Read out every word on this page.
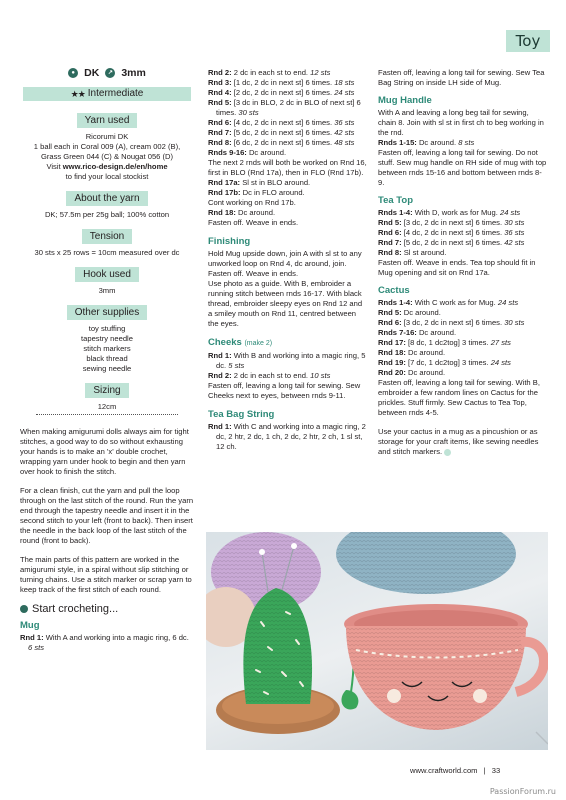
Toy
● DK	↗ 3mm
★★ Intermediate
Yarn used
Ricorumi DK
1 ball each in Coral 009 (A), cream 002 (B),
Grass Green 044 (C) & Nougat 056 (D)
Visit www.rico-design.de/en/home
to find your local stockist
About the yarn
DK; 57.5m per 25g ball; 100% cotton
Tension
30 sts x 25 rows = 10cm measured over dc
Hook used
3mm
Other supplies
toy stuffing
tapestry needle
stitch markers
black thread
sewing needle
Sizing
12cm

When making amigurumi dolls always aim for tight stitches, a good way to do so without exhausting your hands is to make an 'x' double crochet, wrapping yarn under hook to begin and then yarn over hook to finish the stitch.

For a clean finish, cut the yarn and pull the loop through on the last stitch of the round. Run the yarn end through the tapestry needle and insert it in the second stitch to your left (front to back). Then insert the needle in the back loop of the last stitch of the round (front to back).

The main parts of this pattern are worked in the amigurumi style, in a spiral without slip stitching or turning chains. Use a stitch marker or scrap yarn to keep track of the first stitch of each round.

Start crocheting...
Mug
Rnd 1: With A and working into a magic ring, 6 dc. 6 sts
Rnd 2: 2 dc in each st to end. 12 sts
Rnd 3: [1 dc, 2 dc in next st] 6 times. 18 sts
Rnd 4: [2 dc, 2 dc in next st] 6 times. 24 sts
Rnd 5: [3 dc in BLO, 2 dc in BLO of next st] 6 times. 30 sts
Rnd 6: [4 dc, 2 dc in next st] 6 times. 36 sts
Rnd 7: [5 dc, 2 dc in next st] 6 times. 42 sts
Rnd 8: [6 dc, 2 dc in next st] 6 times. 48 sts
Rnds 9-16: Dc around.
The next 2 rnds will both be worked on Rnd 16, first in BLO (Rnd 17a), then in FLO (Rnd 17b).
Rnd 17a: Sl st in BLO around.
Rnd 17b: Dc in FLO around.
Cont working on Rnd 17b.
Rnd 18: Dc around.
Fasten off. Weave in ends.
Finishing
Hold Mug upside down, join A with sl st to any unworked loop on Rnd 4, dc around, join. Fasten off. Weave in ends.
Use photo as a guide. With B, embroider a running stitch between rnds 16-17. With black thread, embroider sleepy eyes on Rnd 12 and a smiley mouth on Rnd 11, centred between the eyes.
Cheeks (make 2)
Rnd 1: With B and working into a magic ring, 5 dc. 5 sts
Rnd 2: 2 dc in each st to end. 10 sts
Fasten off, leaving a long tail for sewing. Sew Cheeks next to eyes, between rnds 9-11.
Tea Bag String
Rnd 1: With C and working into a magic ring, 2 dc, 2 htr, 2 dc, 1 ch, 2 dc, 2 htr, 2 ch, 1 sl st, 12 ch.
Fasten off, leaving a long tail for sewing. Sew Tea Bag String on inside LH side of Mug.
Mug Handle
With A and leaving a long beg tail for sewing, chain 8. Join with sl st in first ch to beg working in the rnd.
Rnds 1-15: Dc around. 8 sts
Fasten off, leaving a long tail for sewing. Do not stuff. Sew mug handle on RH side of mug with top between rnds 15-16 and bottom between rnds 8-9.
Tea Top
Rnds 1-4: With D, work as for Mug. 24 sts
Rnd 5: [3 dc, 2 dc in next st] 6 times. 30 sts
Rnd 6: [4 dc, 2 dc in next st] 6 times. 36 sts
Rnd 7: [5 dc, 2 dc in next st] 6 times. 42 sts
Rnd 8: Sl st around.
Fasten off. Weave in ends. Tea top should fit in Mug opening and sit on Rnd 17a.
Cactus
Rnds 1-4: With C work as for Mug. 24 sts
Rnd 5: Dc around.
Rnd 6: [3 dc, 2 dc in next st] 6 times. 30 sts
Rnds 7-16: Dc around.
Rnd 17: [8 dc, 1 dc2tog] 3 times. 27 sts
Rnd 18: Dc around.
Rnd 19: [7 dc, 1 dc2tog] 3 times. 24 sts
Rnd 20: Dc around.
Fasten off, leaving a long tail for sewing. With B, embroider a few random lines on Cactus for the prickles. Stuff firmly. Sew Cactus to Tea Top, between rnds 4-5.
Use your cactus in a mug as a pincushion or as storage for your craft items, like sewing needles and stitch markers.
www.craftworld.com | 33
PassionForum.ru
